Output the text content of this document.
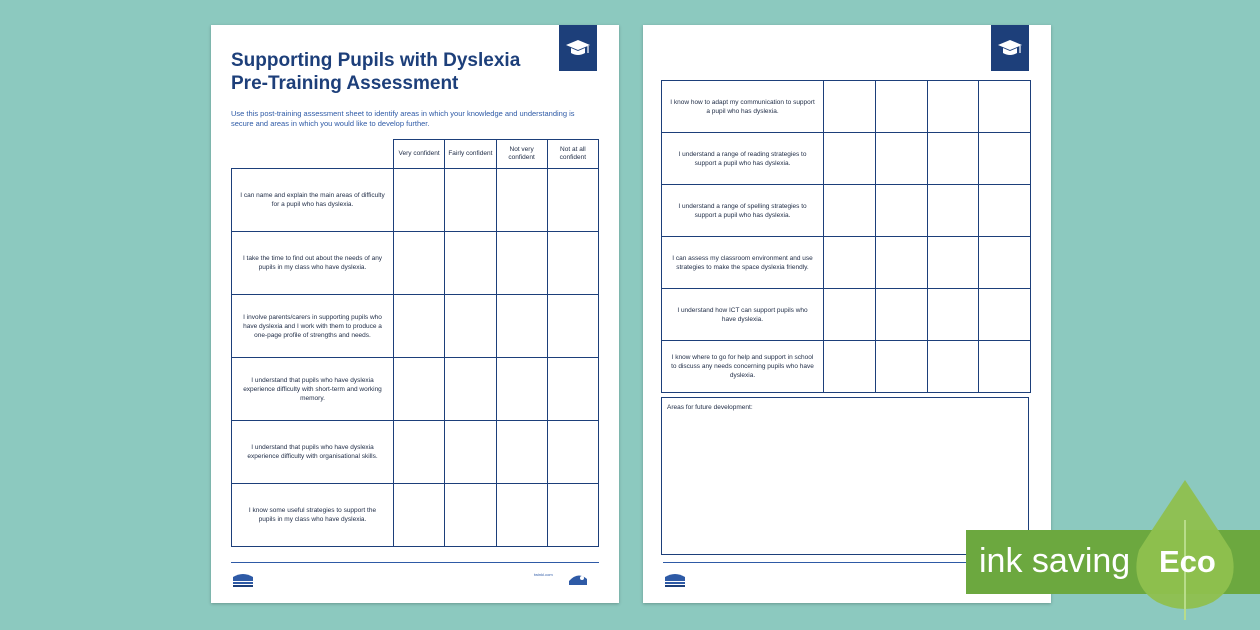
Supporting Pupils with Dyslexia
Pre-Training Assessment
Use this post-training assessment sheet to identify areas in which your knowledge and understanding is secure and areas in which you would like to develop further.
	Very confident	Fairly confident	Not very confident	Not at all confident

I can name and explain the main areas of difficulty for a pupil who has dyslexia.				

I take the time to find out about the needs of any pupils in my class who have dyslexia.				

I involve parents/carers in supporting pupils who have dyslexia and I work with them to produce a one-page profile of strengths and needs.				

I understand that pupils who have dyslexia experience difficulty with short-term and working memory.				

I understand that pupils who have dyslexia experience difficulty with organisational skills.				

I know some useful strategies to support the pupils in my class who have dyslexia.				

twinkl.com
I know how to adapt my communication to support a pupil who has dyslexia.				

I understand a range of reading strategies to support a pupil who has dyslexia.				

I understand a range of spelling strategies to support a pupil who has dyslexia.				

I can assess my classroom environment and use strategies to make the space dyslexia friendly.				

I understand how ICT can support pupils who have dyslexia.				

I know where to go for help and support in school to discuss any needs concerning pupils who have dyslexia.				

Areas for future development:

ink saving Eco
